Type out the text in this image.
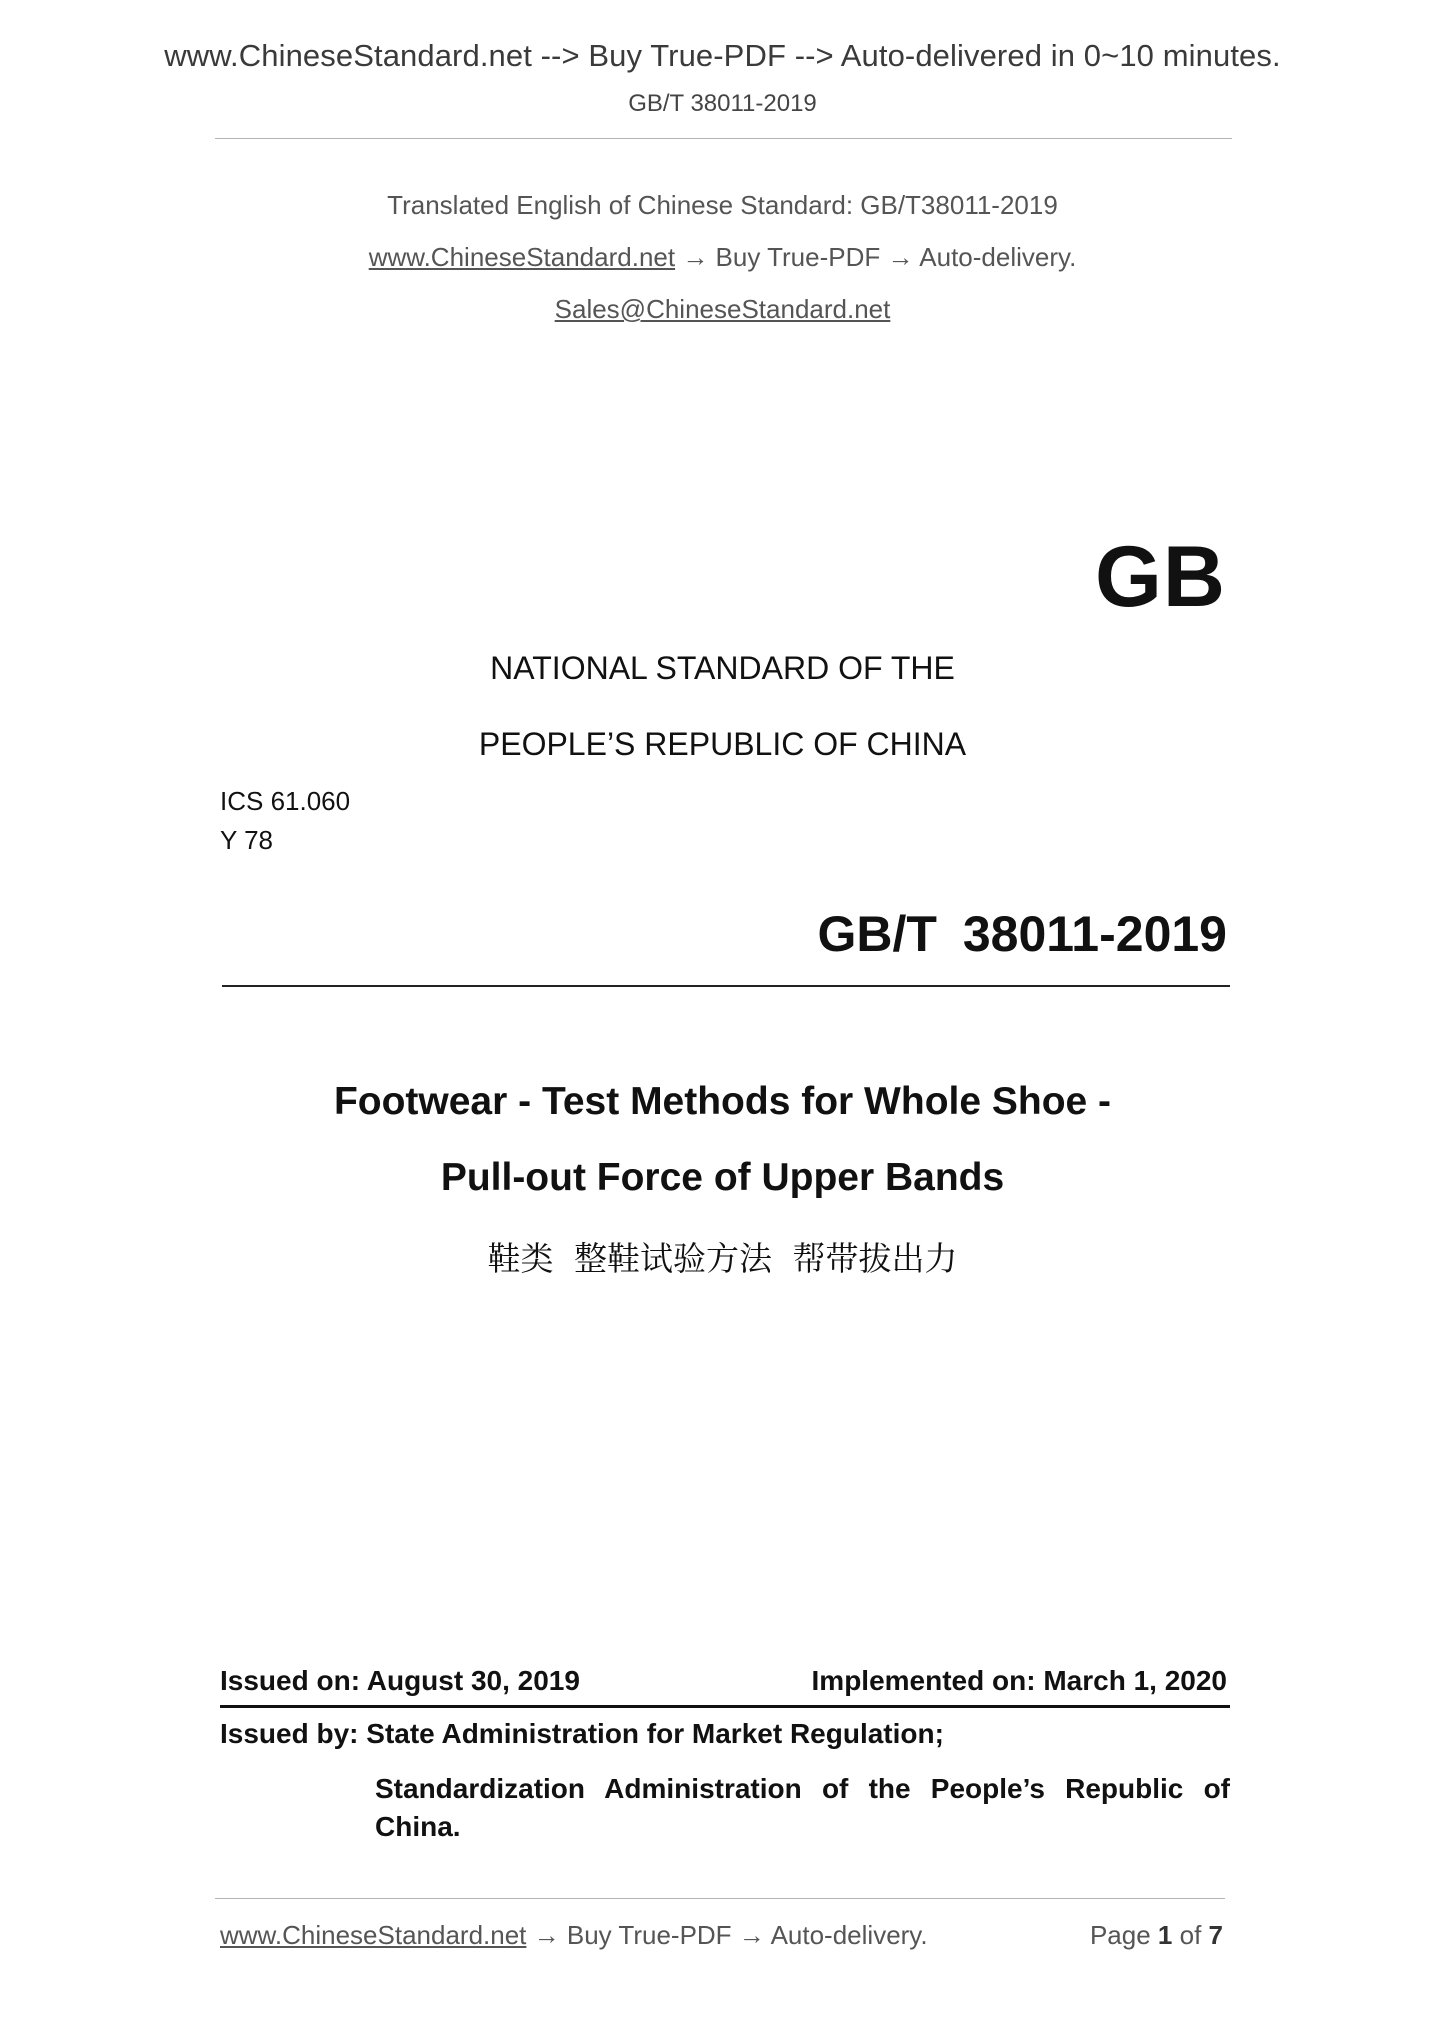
www.ChineseStandard.net --> Buy True-PDF --> Auto-delivered in 0~10 minutes.
GB/T 38011-2019
Translated English of Chinese Standard: GB/T38011-2019
www.ChineseStandard.net → Buy True-PDF → Auto-delivery.
Sales@ChineseStandard.net
GB
NATIONAL STANDARD OF THE
PEOPLE’S REPUBLIC OF CHINA
ICS 61.060
Y 78
GB/T 38011-2019
Footwear - Test Methods for Whole Shoe -
Pull-out Force of Upper Bands
鞋类 整鞋试验方法 帮带拔出力
Issued on: August 30, 2019	Implemented on: March 1, 2020
Issued by: State Administration for Market Regulation;
Standardization Administration of the People’s Republic of
China.
www.ChineseStandard.net → Buy True-PDF → Auto-delivery.	Page 1 of 7
